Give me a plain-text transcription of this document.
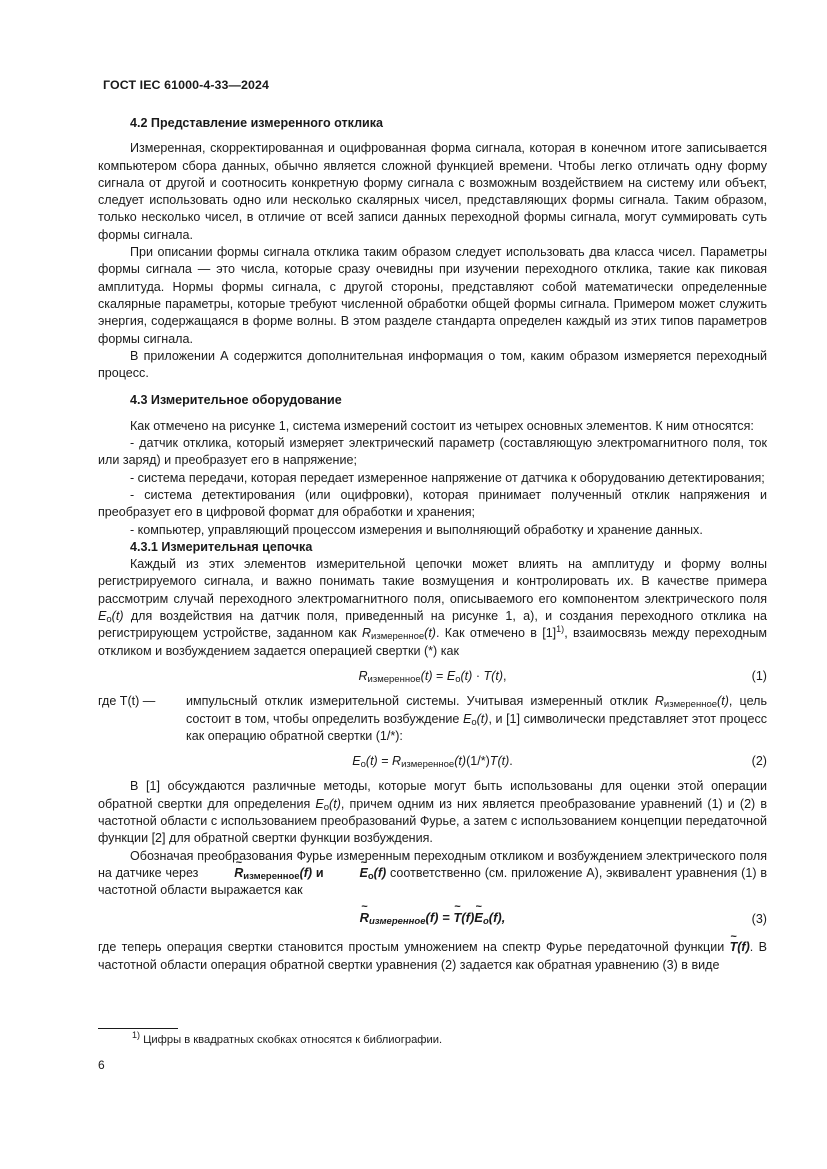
ГОСТ IEC 61000-4-33—2024

4.2 Представление измеренного отклика

Измеренная, скорректированная и оцифрованная форма сигнала, которая в конечном итоге записывается компьютером сбора данных, обычно является сложной функцией времени. Чтобы легко отличать одну форму сигнала от другой и соотносить конкретную форму сигнала с возможным воздействием на систему или объект, следует использовать одно или несколько скалярных чисел, представляющих формы сигнала. Таким образом, только несколько чисел, в отличие от всей записи данных переходной формы сигнала, могут суммировать суть формы сигнала.

При описании формы сигнала отклика таким образом следует использовать два класса чисел. Параметры формы сигнала — это числа, которые сразу очевидны при изучении переходного отклика, такие как пиковая амплитуда. Нормы формы сигнала, с другой стороны, представляют собой математически определенные скалярные параметры, которые требуют численной обработки общей формы сигнала. Примером может служить энергия, содержащаяся в форме волны. В этом разделе стандарта определен каждый из этих типов параметров формы сигнала.

В приложении А содержится дополнительная информация о том, каким образом измеряется переходный процесс.

4.3 Измерительное оборудование

Как отмечено на рисунке 1, система измерений состоит из четырех основных элементов. К ним относятся:

- датчик отклика, который измеряет электрический параметр (составляющую электромагнитного поля, ток или заряд) и преобразует его в напряжение;

- система передачи, которая передает измеренное напряжение от датчика к оборудованию детектирования;

- система детектирования (или оцифровки), которая принимает полученный отклик напряжения и преобразует его в цифровой формат для обработки и хранения;

- компьютер, управляющий процессом измерения и выполняющий обработку и хранение данных.

4.3.1 Измерительная цепочка

Каждый из этих элементов измерительной цепочки может влиять на амплитуду и форму волны регистрируемого сигнала, и важно понимать такие возмущения и контролировать их. В качестве примера рассмотрим случай переходного электромагнитного поля, описываемого его компонентом электрического поля $E_o(t)$ для воздействия на датчик поля, приведенный на рисунке 1, а), и создания переходного отклика на регистрирующем устройстве, заданном как $R_{измеренное}(t)$. Как отмечено в $[1]^{1)}$, взаимосвязь между переходным откликом и возбуждением задается операцией свертки (*) как

$R_{измеренное}(t) = E_o(t) \cdot T(t)$,	(1)
где T(t) —	импульсный отклик измерительной системы. Учитывая измеренный отклик $R_{измеренное}(t)$, цель состоит в том, чтобы определить возбуждение $E_o(t)$, и [1] символически представляет этот процесс как операцию обратной свертки (1/*):
$E_o(t) = R_{измеренное}(t)(1/*)T(t)$.	(2)

В [1] обсуждаются различные методы, которые могут быть использованы для оценки этой операции обратной свертки для определения $E_o(t)$, причем одним из них является преобразование уравнений (1) и (2) в частотной области с использованием преобразований Фурье, а затем с использованием концепции передаточной функции [2] для обратной свертки функции возбуждения.

Обозначая преобразования Фурье измеренным переходным откликом и возбуждением электрического поля на датчике через	~ $R_{измеренное}(f)$ и	~ $E_o(f)$ соответственно (см. приложение А), эквивалент уравнения (1) в частотной области выражается как

~ $R_{измеренное}(f)$ = ~ T(f)~ $E_o(f)$,	(3)

где теперь операция свертки становится простым умножением на спектр Фурье передаточной функции ~ T(f). В частотной области операция обратной свертки уравнения (2) задается как обратная уравнению (3) в виде

$^{1)}$ Цифры в квадратных скобках относятся к библиографии.
6
